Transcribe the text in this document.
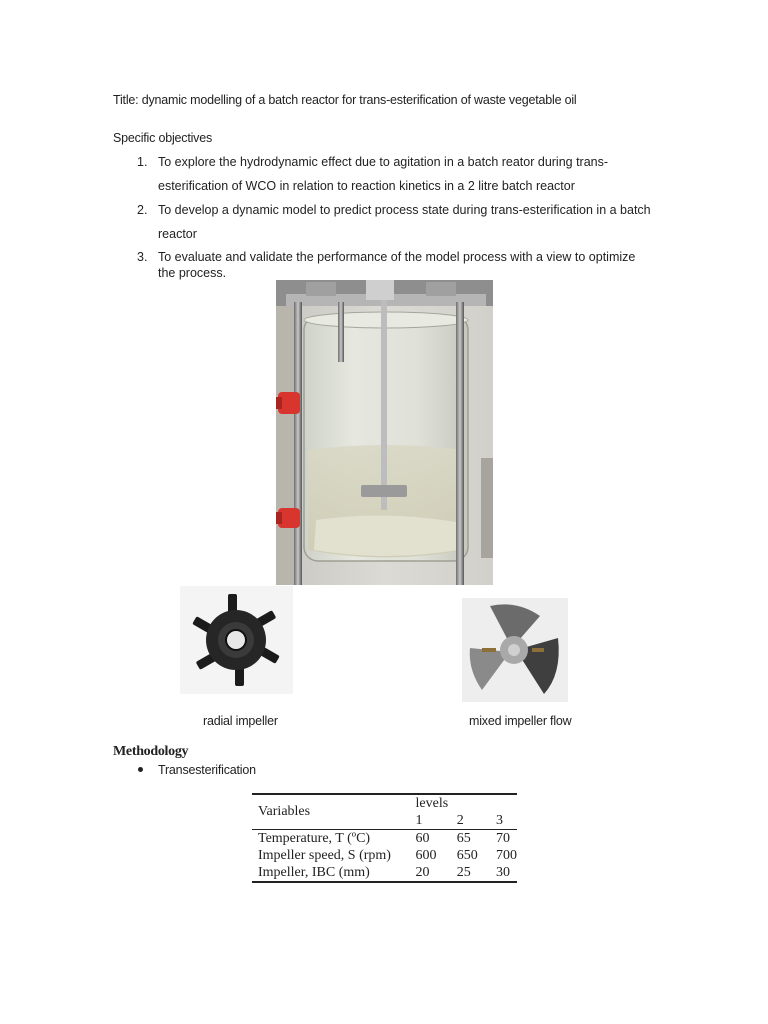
Title: dynamic modelling of a batch reactor for trans-esterification of waste vegetable oil
Specific objectives
1. To explore the hydrodynamic effect due to agitation in a batch reator during trans-
esterification of WCO in relation to reaction kinetics in a 2 litre batch reactor
2. To develop a dynamic model to predict process state during trans-esterification in a batch
reactor
3. To evaluate and validate the performance of the model process with a view to optimize
the process.
radial impeller	mixed impeller flow
Methodology
Transesterification
Variables	levels		
	1	2	3
Temperature, T (ºC)	60	65	70
Impeller speed, S (rpm)	600	650	700
Impeller, IBC (mm)	20	25	30
